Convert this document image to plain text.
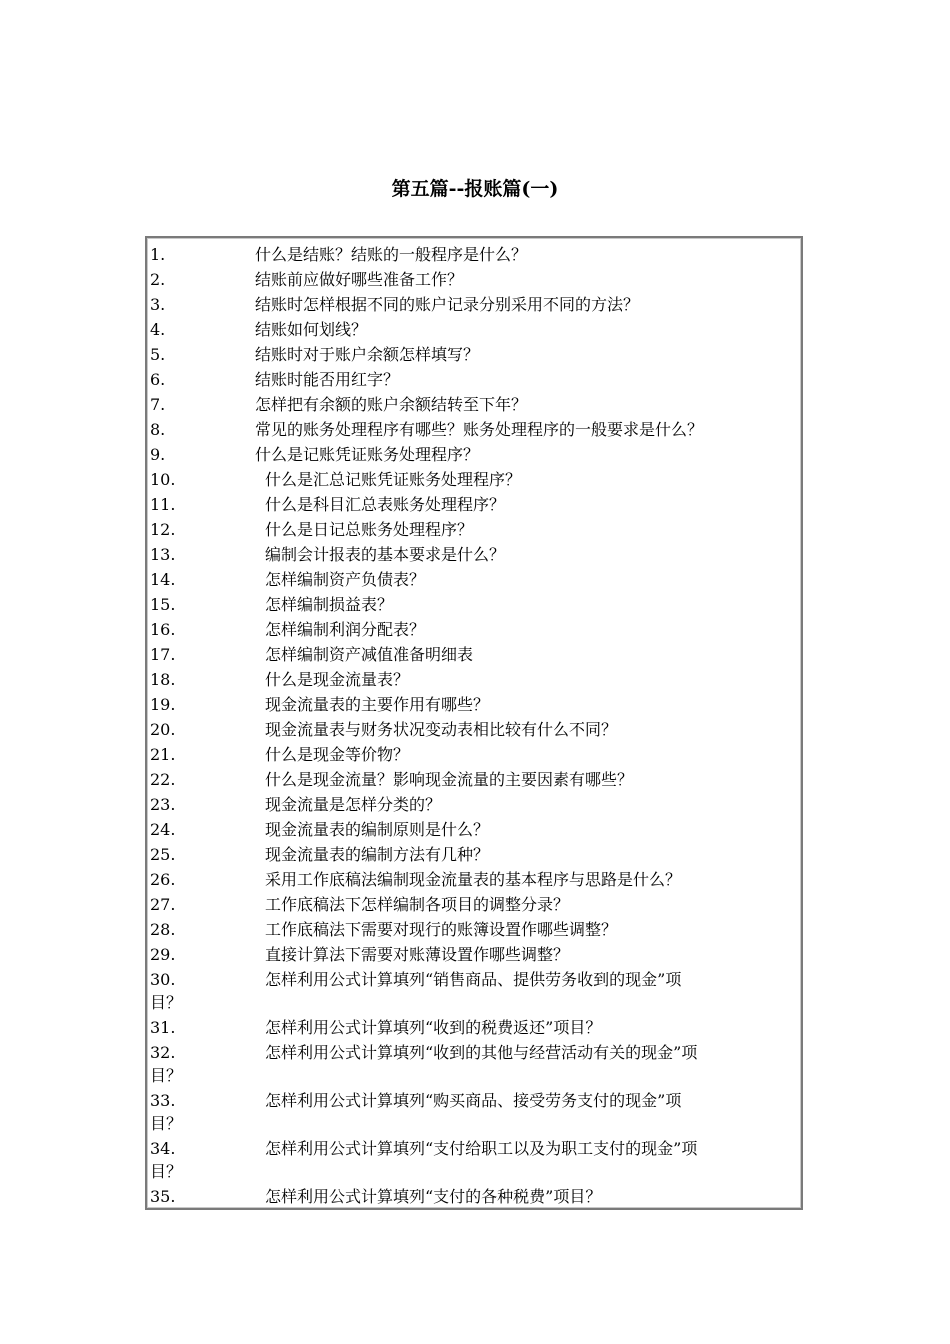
第五篇--报账篇(一)
1.	什么是结账？结账的一般程序是什么？
2.	结账前应做好哪些准备工作？
3.	结账时怎样根据不同的账户记录分别采用不同的方法？
4.	结账如何划线？
5.	结账时对于账户余额怎样填写？
6.	结账时能否用红字？
7.	怎样把有余额的账户余额结转至下年？
8.	常见的账务处理程序有哪些？账务处理程序的一般要求是什么？
9.	什么是记账凭证账务处理程序？
10.	什么是汇总记账凭证账务处理程序？
11.	什么是科目汇总表账务处理程序？
12.	什么是日记总账务处理程序？
13.	编制会计报表的基本要求是什么？
14.	怎样编制资产负债表？
15.	怎样编制损益表？
16.	怎样编制利润分配表？
17.	怎样编制资产减值准备明细表
18.	什么是现金流量表？
19.	现金流量表的主要作用有哪些？
20.	现金流量表与财务状况变动表相比较有什么不同？
21.	什么是现金等价物？
22.	什么是现金流量？影响现金流量的主要因素有哪些？
23.	现金流量是怎样分类的？
24.	现金流量表的编制原则是什么？
25.	现金流量表的编制方法有几种？
26.	采用工作底稿法编制现金流量表的基本程序与思路是什么？
27.	工作底稿法下怎样编制各项目的调整分录？
28.	工作底稿法下需要对现行的账簿设置作哪些调整？
29.	直接计算法下需要对账薄设置作哪些调整？
30.	怎样利用公式计算填列“销售商品、提供劳务收到的现金”项
目？
31.	怎样利用公式计算填列“收到的税费返还”项目？
32.	怎样利用公式计算填列“收到的其他与经营活动有关的现金”项
目？
33.	怎样利用公式计算填列“购买商品、接受劳务支付的现金”项
目？
34.	怎样利用公式计算填列“支付给职工以及为职工支付的现金”项
目？
35.	怎样利用公式计算填列“支付的各种税费”项目？
